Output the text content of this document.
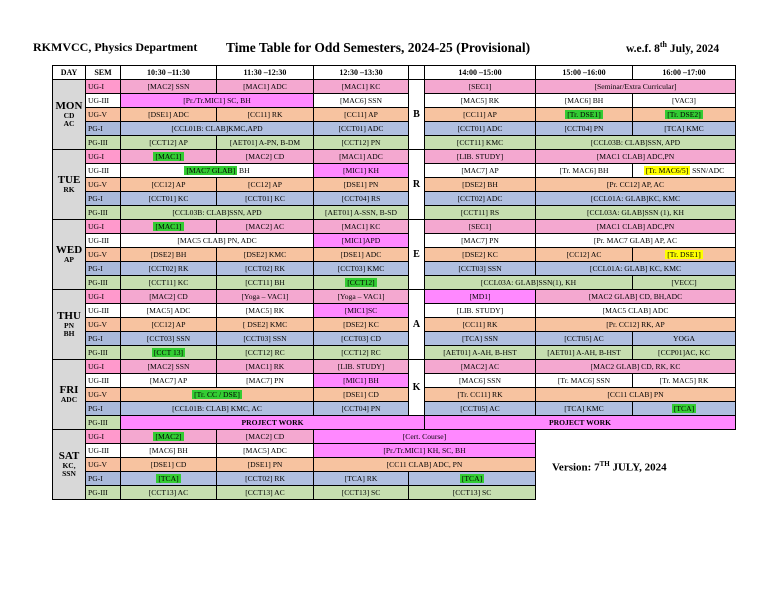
RKMVCC, Physics Department Time Table for Odd Semesters, 2024-25 (Provisional)	w.e.f. 8th July, 2024
DAY	SEM	10:30 –11:30	11:30 –12:30	12:30 –13:30		14:00 –15:00	15:00 –16:00	16:00 –17:00
MON
CD
AC	UG-I	[MAC2] SSN	[MAC1] ADC	[MAC1] KC	B	[SEC1]	[Seminar/Extra Curricular]	
	UG-III	[Pr./Tr.MIC1] SC, BH		[MAC6] SSN		[MAC5] RK	[MAC6] BH	[VAC3]
	UG-V	[DSE1] ADC	[CC11] RK	[CC11] AP		[CC11] AP	[Tr. DSE1]	[Tr. DSE2]
	PG-I	[CCL01B: CLAB]KMC,APD		[CCT01] ADC		[CCT01] ADC	[CCT04] PN	[TCA] KMC
	PG-III	[CCT12] AP	[AET01] A-PN, B-DM	[CCT12] PN		[CCT11] KMC	[CCL03B: CLAB]SSN, APD	
TUE
RK	UG-I	[MAC1]	[MAC2] CD	[MAC1] ADC	R	[LIB. STUDY]	[MAC1 CLAB] ADC,PN	
	UG-III	[MAC7 GLAB] BH		[MIC1] KH		[MAC7] AP	[Tr. MAC6] BH	[Tr. MAC6/5] SSN/ADC
	UG-V	[CC12] AP	[CC12] AP	[DSE1] PN		[DSE2] BH	[Pr. CC12] AP, AC	
	PG-I	[CCT01] KC	[CCT01] KC	[CCT04] RS		[CCT02] ADC	[CCL01A: GLAB]KC, KMC	
	PG-III	[CCL03B: CLAB]SSN, APD		[AET01] A-SSN, B-SD		[CCT11] RS	[CCL03A: GLAB]SSN (1), KH	
WED
AP	UG-I	[MAC1]	[MAC2] AC	[MAC1] KC	E	[SEC1]	[MAC1 CLAB] ADC,PN	
	UG-III	[MAC5 CLAB] PN, ADC		[MIC1]APD		[MAC7] PN	[Pr. MAC7 GLAB] AP, AC	
	UG-V	[DSE2] BH	[DSE2] KMC	[DSE1] ADC		[DSE2] KC	[CC12] AC	[Tr. DSE1]
	PG-I	[CCT02] RK	[CCT02] RK	[CCT03] KMC		[CCT03] SSN	[CCL01A: GLAB] KC, KMC	
	PG-III	[CCT11] KC	[CCT11] BH	[CCT12]		[CCL03A: GLAB]SSN(1), KH		[VECC]
THU
PN
BH	UG-I	[MAC2] CD	[Yoga – VAC1]	[Yoga – VAC1]	A	[MD1]	[MAC2 GLAB] CD, BH,ADC	
	UG-III	[MAC5] ADC	[MAC5] RK	[MIC1]SC		[LIB. STUDY]	[MAC5 CLAB] ADC	
	UG-V	[CC12] AP	[ DSE2] KMC	[DSE2] KC		[CC11] RK	[Pr. CC12] RK, AP	
	PG-I	[CCT03] SSN	[CCT03] SSN	[CCT03] CD		[TCA] SSN	[CCT05] AC	YOGA
	PG-III	[CCT 13]	[CCT12] RC	[CCT12] RC		[AET01] A-AH, B-HST	[AET01] A-AH, B-HST	[CCP01]AC, KC
FRI
ADC	UG-I	[MAC2] SSN	[MAC1] RK	[LIB. STUDY]	K	[MAC2] AC	[MAC2 GLAB] CD, RK, KC	
	UG-III	[MAC7] AP	[MAC7] PN	[MIC1] BH		[MAC6] SSN	[Tr. MAC6] SSN	[Tr. MAC5] RK
	UG-V	[Tr. CC / DSE]		[DSE1] CD		[Tr. CC11] RK	[CC11 CLAB] PN	
	PG-I	[CCL01B: CLAB] KMC, AC		[CCT04] PN		[CCT05] AC	[TCA] KMC	[TCA]
	PG-III	PROJECT WORK				PROJECT WORK		
SAT
KC,
SSN	UG-I	[MAC2]	[MAC2] CD	[Cert. Course]				
	UG-III	[MAC6] BH	[MAC5] ADC	[Pr./Tr.MIC1] KH, SC, BH				
	UG-V	[DSE1] CD	[DSE1] PN	[CC11 CLAB] ADC, PN				
	PG-I	[TCA]	[CCT02] RK	[TCA] RK	[TCA]			
	PG-III	[CCT13] AC	[CCT13] AC	[CCT13] SC	[CCT13] SC			
Version: 7TH JULY, 2024
